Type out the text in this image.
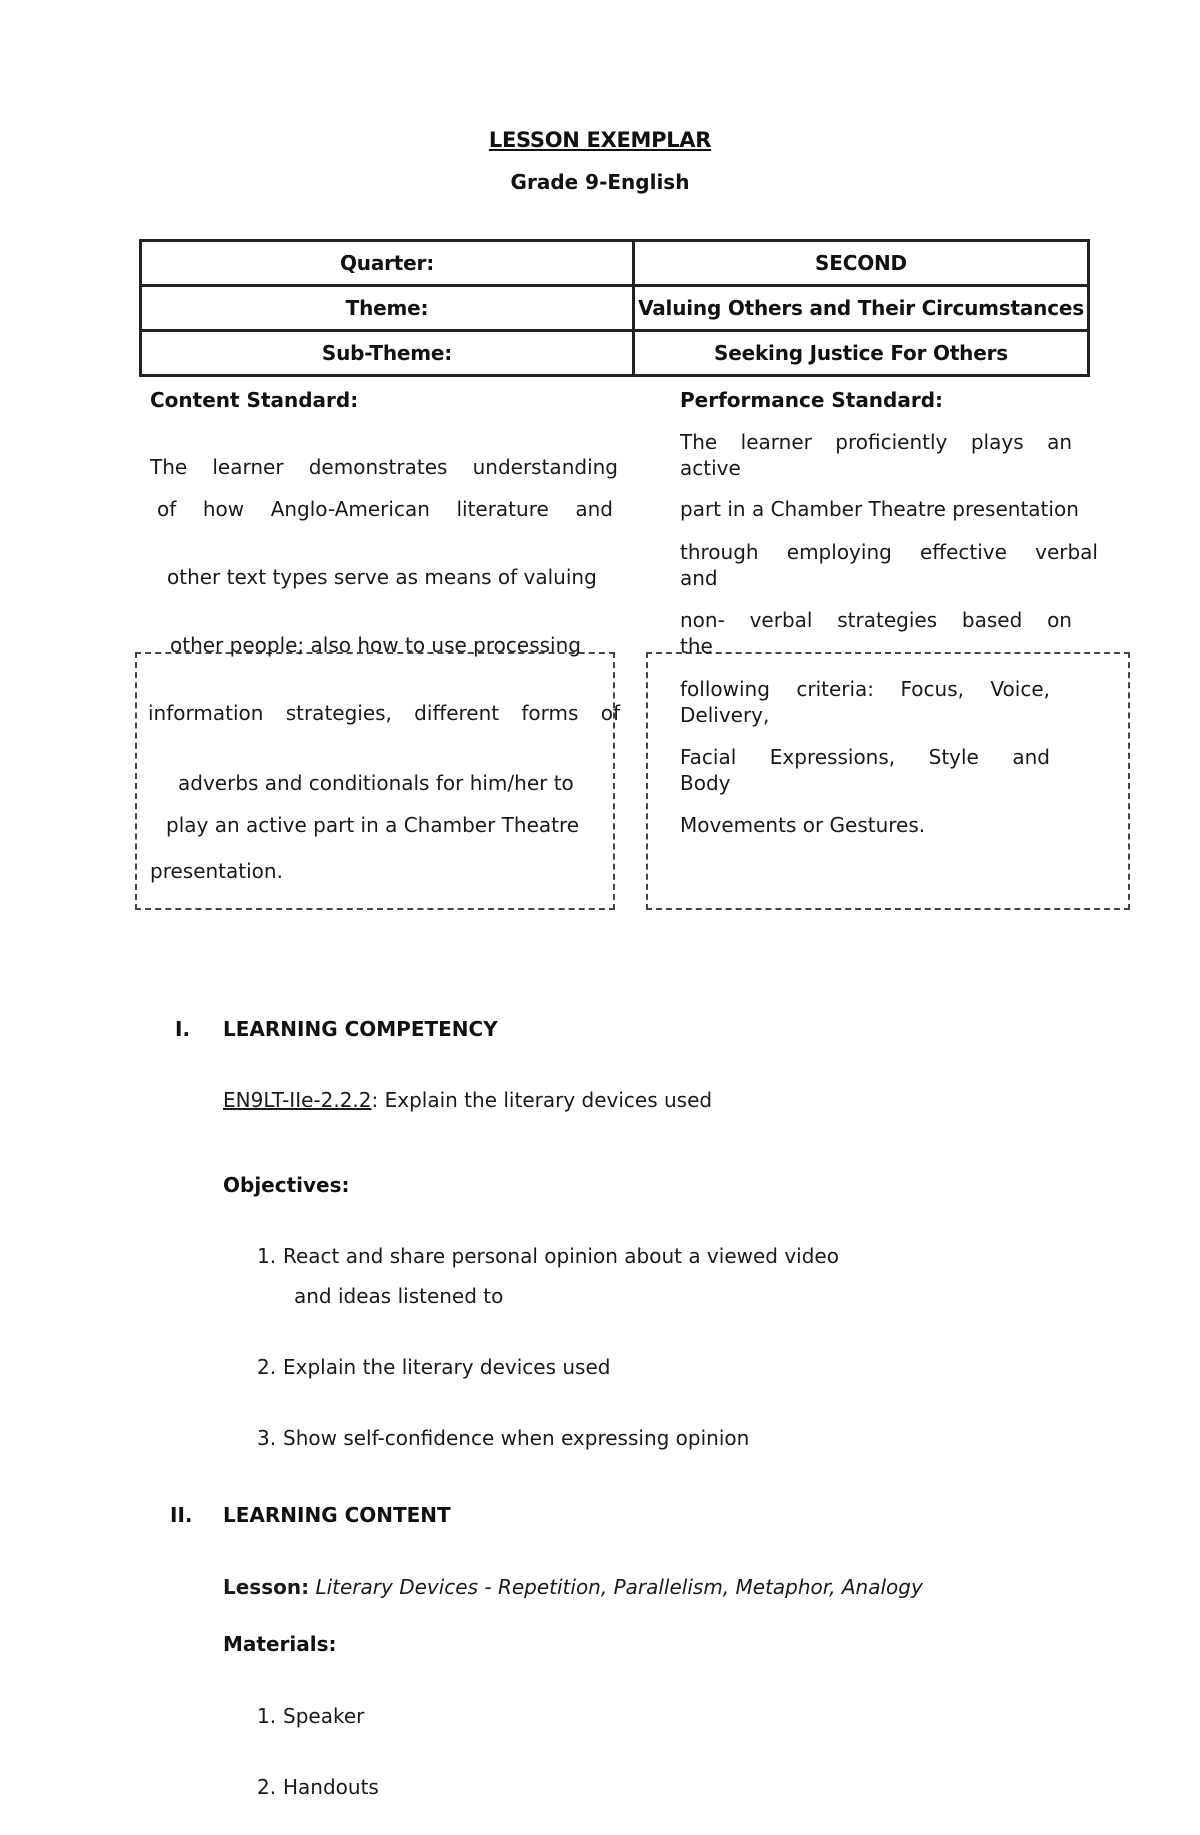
LESSON EXEMPLAR
Grade 9-English
Quarter:	SECOND
Theme:	Valuing Others and Their Circumstances
Sub-Theme:	Seeking Justice For Others
Content Standard:
The learner demonstrates understanding
of how Anglo-American literature and
other text types serve as means of valuing
other people; also how to use processing
information strategies, different forms of
adverbs and conditionals for him/her to
play an active part in a Chamber Theatre
presentation.
Performance Standard:
The learner proficiently plays an
active
part in a Chamber Theatre presentation
through employing effective verbal
and
non- verbal strategies based on
the
following criteria: Focus, Voice,
Delivery,
Facial Expressions, Style and
Body
Movements or Gestures.
I. LEARNING COMPETENCY
EN9LT-IIe-2.2.2: Explain the literary devices used
Objectives:
1. React and share personal opinion about a viewed video
and ideas listened to
2. Explain the literary devices used
3. Show self-confidence when expressing opinion
II. LEARNING CONTENT
Lesson: Literary Devices - Repetition, Parallelism, Metaphor, Analogy
Materials:
1. Speaker
2. Handouts
